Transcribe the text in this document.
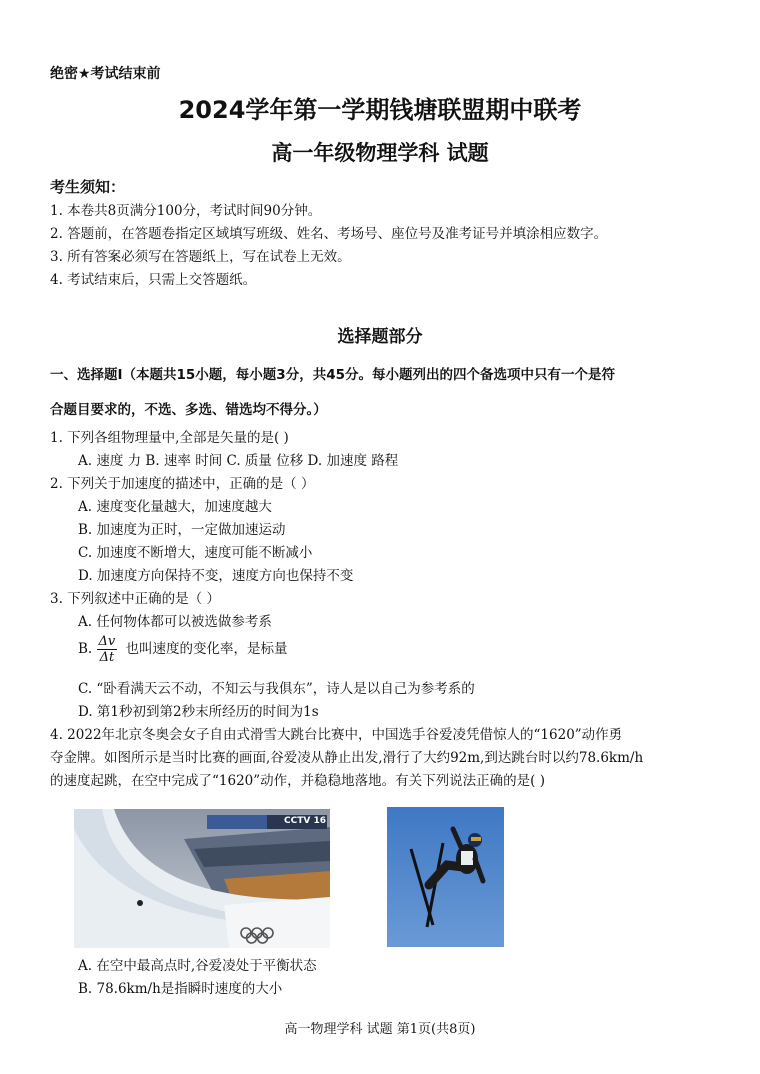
绝密★考试结束前
2024学年第一学期钱塘联盟期中联考
高一年级物理学科 试题
考生须知：
1. 本卷共8页满分100分，考试时间90分钟。
2. 答题前，在答题卷指定区域填写班级、姓名、考场号、座位号及准考证号并填涂相应数字。
3. 所有答案必须写在答题纸上，写在试卷上无效。
4. 考试结束后，只需上交答题纸。
选择题部分
一、选择题Ⅰ（本题共15小题，每小题3分，共45分。每小题列出的四个备选项中只有一个是符
合题目要求的，不选、多选、错选均不得分。）
1. 下列各组物理量中,全部是矢量的是( )
A. 速度 力 B. 速率 时间 C. 质量 位移 D. 加速度 路程
2. 下列关于加速度的描述中，正确的是（ ）
A. 速度变化量越大，加速度越大
B. 加速度为正时，一定做加速运动
C. 加速度不断增大，速度可能不断减小
D. 加速度方向保持不变，速度方向也保持不变
3. 下列叙述中正确的是（ ）
A. 任何物体都可以被选做参考系
B. $\frac{\Delta v}{\Delta t}$ 也叫速度的变化率，是标量
C. “卧看满天云不动，不知云与我俱东”，诗人是以自己为参考系的
D. 第1秒初到第2秒末所经历的时间为1s
4. 2022年北京冬奥会女子自由式滑雪大跳台比赛中，中国选手谷爱凌凭借惊人的“1620”动作勇
夺金牌。如图所示是当时比赛的画面,谷爱凌从静止出发,滑行了大约92m,到达跳台时以约78.6km/h
的速度起跳，在空中完成了“1620”动作，并稳稳地落地。有关下列说法正确的是( )
CCTV 16
A. 在空中最高点时,谷爱凌处于平衡状态
B. 78.6km/h是指瞬时速度的大小
高一物理学科 试题 第1页(共8页)
